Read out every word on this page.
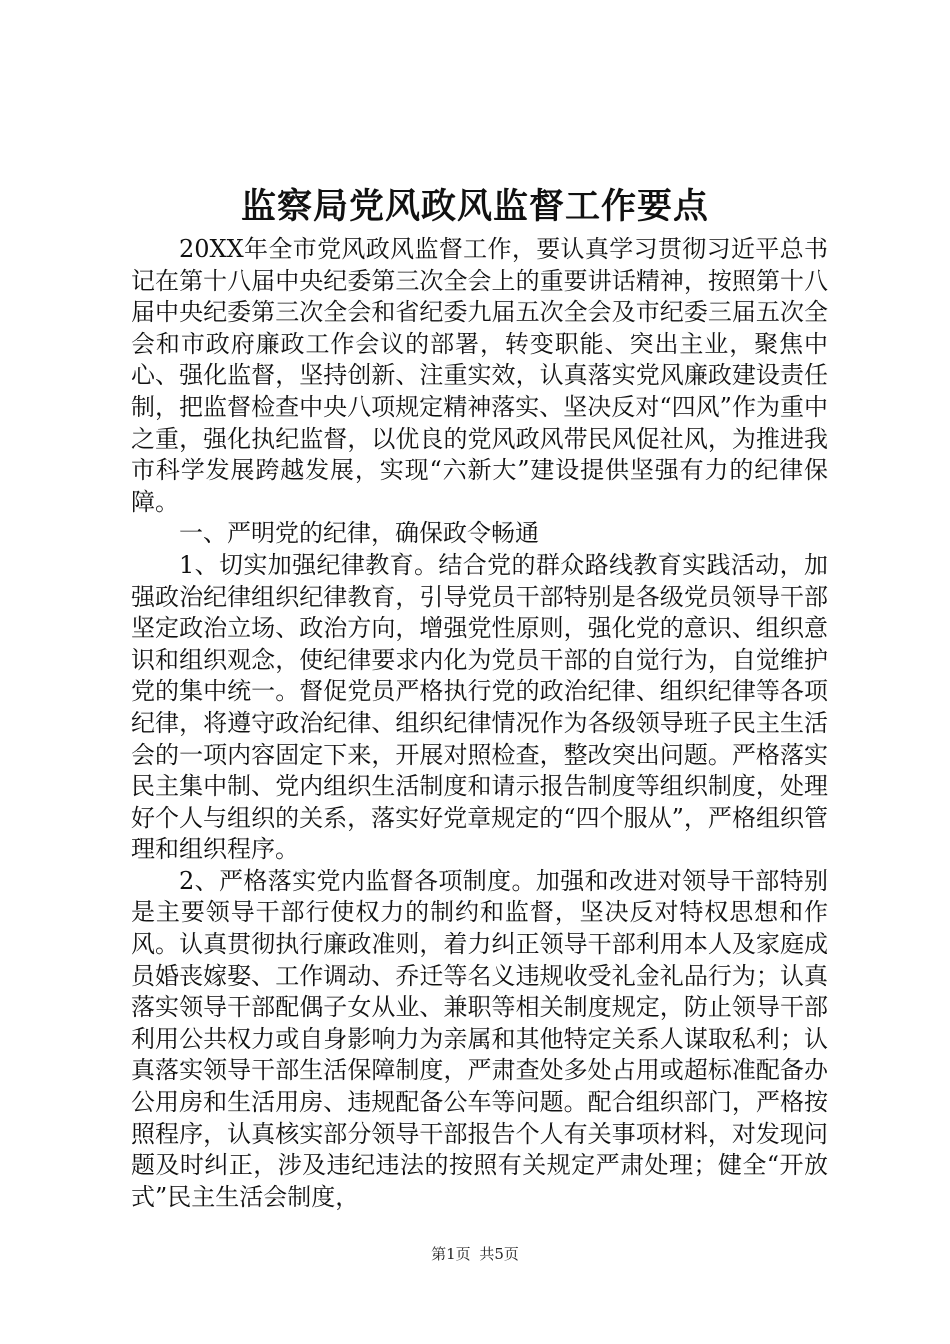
监察局党风政风监督工作要点

20XX年全市党风政风监督工作，要认真学习贯彻习近平总书记在第十八届中央纪委第三次全会上的重要讲话精神，按照第十八届中央纪委第三次全会和省纪委九届五次全会及市纪委三届五次全会和市政府廉政工作会议的部署，转变职能、突出主业，聚焦中心、强化监督，坚持创新、注重实效，认真落实党风廉政建设责任制，把监督检查中央八项规定精神落实、坚决反对“四风”作为重中之重，强化执纪监督，以优良的党风政风带民风促社风，为推进我市科学发展跨越发展，实现“六新大”建设提供坚强有力的纪律保障。

一、严明党的纪律，确保政令畅通

1、切实加强纪律教育。结合党的群众路线教育实践活动，加强政治纪律组织纪律教育，引导党员干部特别是各级党员领导干部坚定政治立场、政治方向，增强党性原则，强化党的意识、组织意识和组织观念，使纪律要求内化为党员干部的自觉行为，自觉维护党的集中统一。督促党员严格执行党的政治纪律、组织纪律等各项纪律，将遵守政治纪律、组织纪律情况作为各级领导班子民主生活会的一项内容固定下来，开展对照检查，整改突出问题。严格落实民主集中制、党内组织生活制度和请示报告制度等组织制度，处理好个人与组织的关系，落实好党章规定的“四个服从”，严格组织管理和组织程序。

2、严格落实党内监督各项制度。加强和改进对领导干部特别是主要领导干部行使权力的制约和监督，坚决反对特权思想和作风。认真贯彻执行廉政准则，着力纠正领导干部利用本人及家庭成员婚丧嫁娶、工作调动、乔迁等名义违规收受礼金礼品行为；认真落实领导干部配偶子女从业、兼职等相关制度规定，防止领导干部利用公共权力或自身影响力为亲属和其他特定关系人谋取私利；认真落实领导干部生活保障制度，严肃查处多处占用或超标准配备办公用房和生活用房、违规配备公车等问题。配合组织部门，严格按照程序，认真核实部分领导干部报告个人有关事项材料，对发现问题及时纠正，涉及违纪违法的按照有关规定严肃处理；健全“开放式”民主生活会制度，

第1页 共5页
